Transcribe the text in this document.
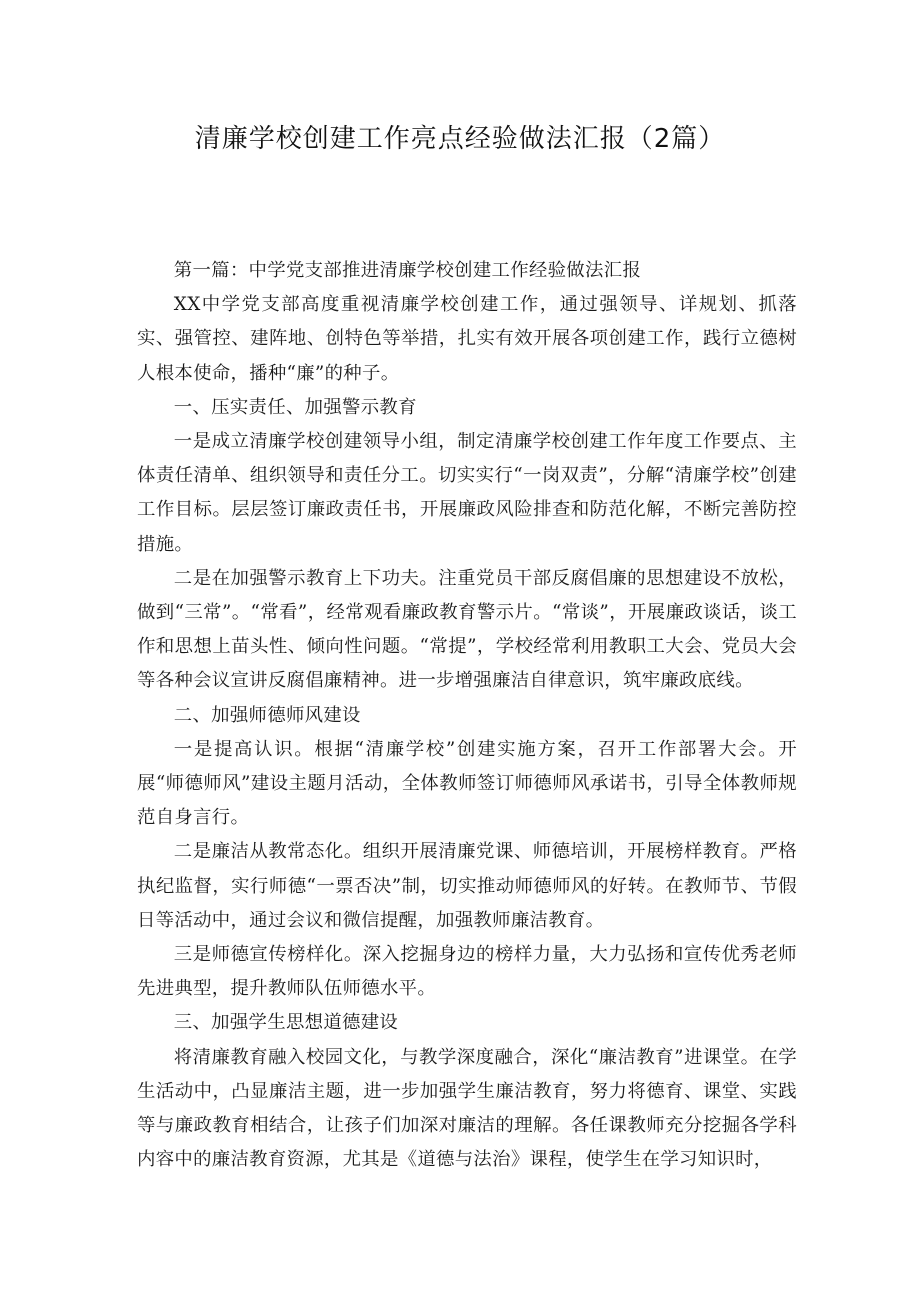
清廉学校创建工作亮点经验做法汇报（2篇）

第一篇：中学党支部推进清廉学校创建工作经验做法汇报

XX中学党支部高度重视清廉学校创建工作，通过强领导、详规划、抓落实、强管控、建阵地、创特色等举措，扎实有效开展各项创建工作，践行立德树人根本使命，播种“廉”的种子。

一、压实责任、加强警示教育

一是成立清廉学校创建领导小组，制定清廉学校创建工作年度工作要点、主体责任清单、组织领导和责任分工。切实实行“一岗双责”，分解“清廉学校”创建工作目标。层层签订廉政责任书，开展廉政风险排查和防范化解，不断完善防控措施。

二是在加强警示教育上下功夫。注重党员干部反腐倡廉的思想建设不放松，做到“三常”。“常看”，经常观看廉政教育警示片。“常谈”，开展廉政谈话，谈工作和思想上苗头性、倾向性问题。“常提”，学校经常利用教职工大会、党员大会等各种会议宣讲反腐倡廉精神。进一步增强廉洁自律意识，筑牢廉政底线。

二、加强师德师风建设

一是提高认识。根据“清廉学校”创建实施方案，召开工作部署大会。开展“师德师风”建设主题月活动，全体教师签订师德师风承诺书，引导全体教师规范自身言行。

二是廉洁从教常态化。组织开展清廉党课、师德培训，开展榜样教育。严格执纪监督，实行师德“一票否决”制，切实推动师德师风的好转。在教师节、节假日等活动中，通过会议和微信提醒，加强教师廉洁教育。

三是师德宣传榜样化。深入挖掘身边的榜样力量，大力弘扬和宣传优秀老师先进典型，提升教师队伍师德水平。

三、加强学生思想道德建设

将清廉教育融入校园文化，与教学深度融合，深化“廉洁教育”进课堂。在学生活动中，凸显廉洁主题，进一步加强学生廉洁教育，努力将德育、课堂、实践等与廉政教育相结合，让孩子们加深对廉洁的理解。各任课教师充分挖掘各学科内容中的廉洁教育资源，尤其是《道德与法治》课程，使学生在学习知识时，
